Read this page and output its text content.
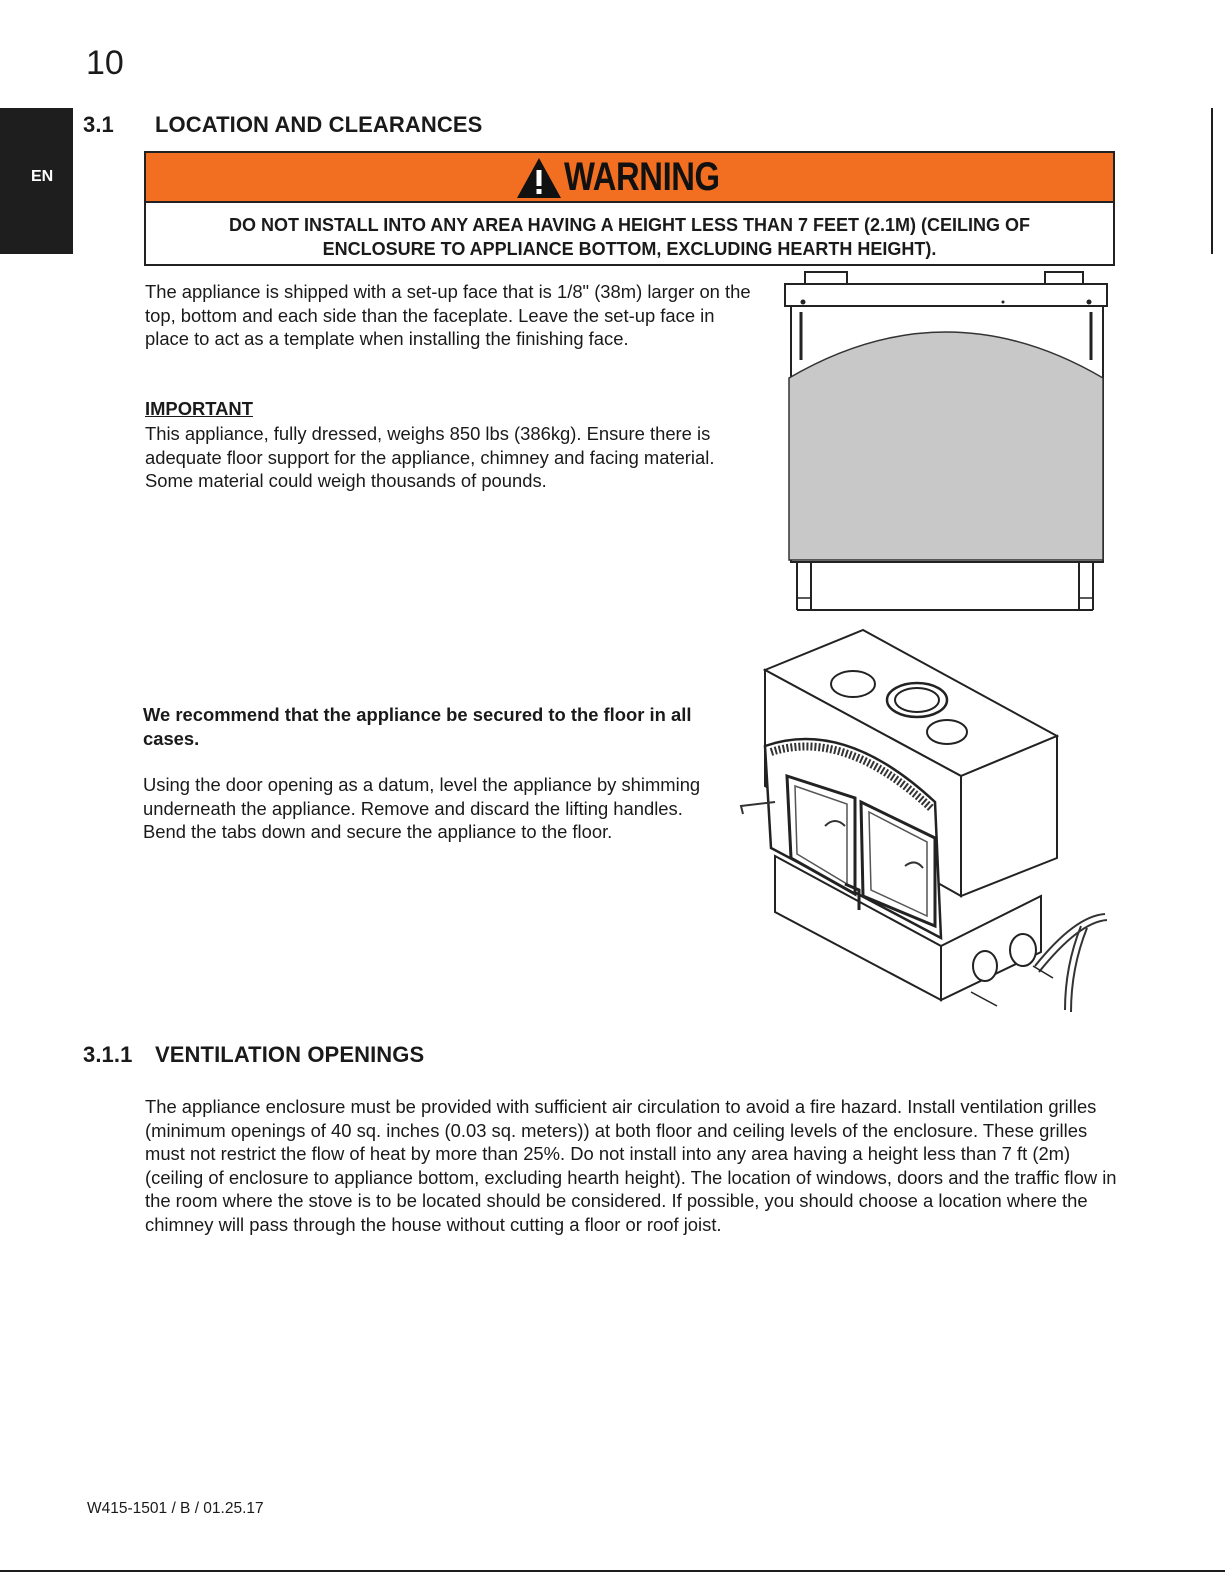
10
EN
3.1 LOCATION AND CLEARANCES
WARNING
DO NOT INSTALL INTO ANY AREA HAVING A HEIGHT LESS THAN 7 FEET (2.1M) (CEILING OF ENCLOSURE TO APPLIANCE BOTTOM, EXCLUDING HEARTH HEIGHT).

The appliance is shipped with a set-up face that is 1/8" (38m) larger on the top, bottom and each side than the faceplate. Leave the set-up face in place to act as a template when installing the finishing face.

IMPORTANT

This appliance, fully dressed, weighs 850 lbs (386kg). Ensure there is adequate floor support for the appliance, chimney and facing material. Some material could weigh thousands of pounds.

We recommend that the appliance be secured to the floor in all cases.

Using the door opening as a datum, level the appliance by shimming underneath the appliance. Remove and discard the lifting handles. Bend the tabs down and secure the appliance to the floor.

3.1.1 VENTILATION OPENINGS

The appliance enclosure must be provided with sufficient air circulation to avoid a fire hazard. Install ventilation grilles (minimum openings of 40 sq. inches (0.03 sq. meters)) at both floor and ceiling levels of the enclosure. These grilles must not restrict the flow of heat by more than 25%. Do not install into any area having a height less than 7 ft (2m) (ceiling of enclosure to appliance bottom, excluding hearth height). The location of windows, doors and the traffic flow in the room where the stove is to be located should be considered. If possible, you should choose a location where the chimney will pass through the house without cutting a floor or roof joist.

W415-1501 / B / 01.25.17
